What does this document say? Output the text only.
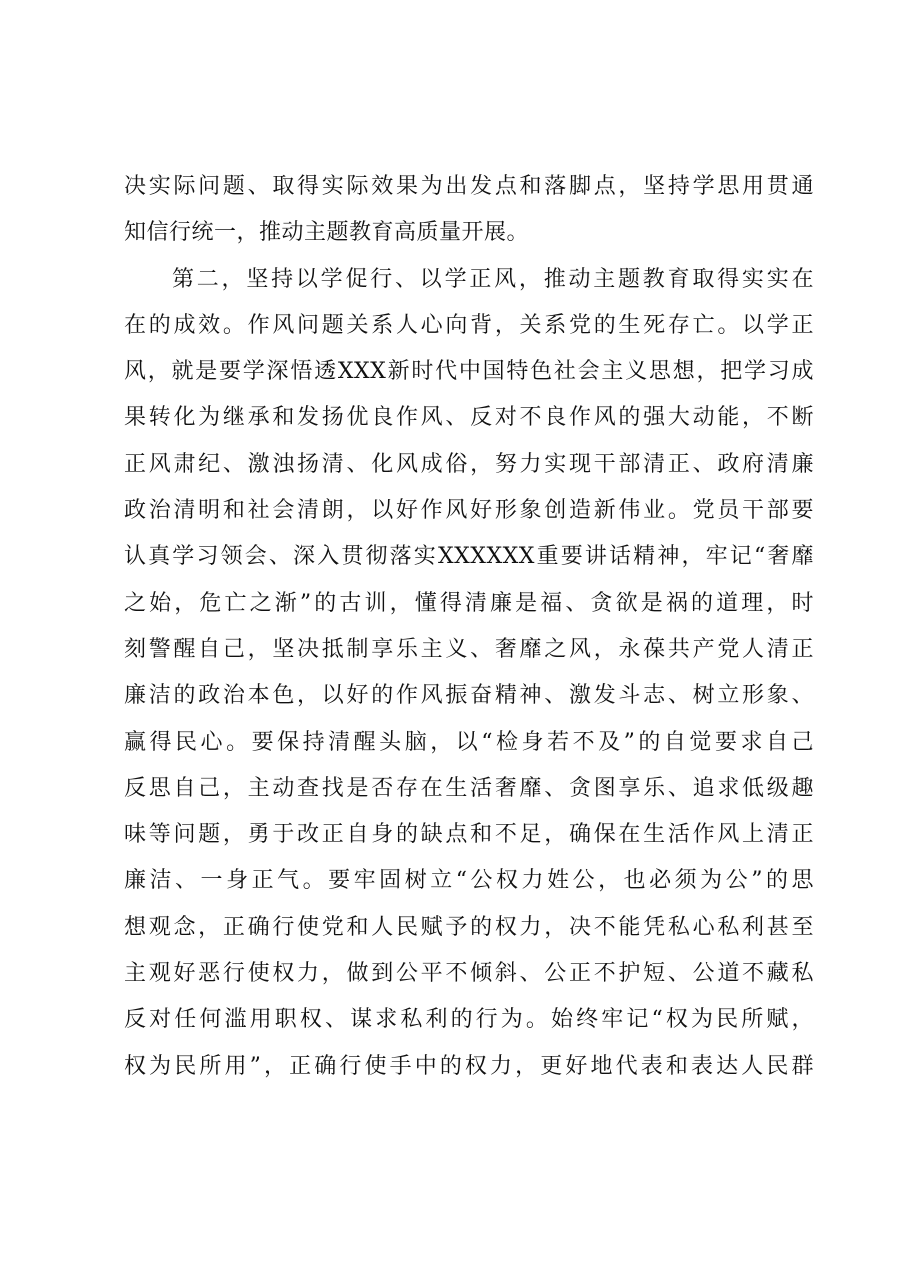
决实际问题、取得实际效果为出发点和落脚点，坚持学思用贯通
知信行统一，推动主题教育高质量开展。
第二，坚持以学促行、以学正风，推动主题教育取得实实在
在的成效。作风问题关系人心向背，关系党的生死存亡。以学正
风，就是要学深悟透XXX新时代中国特色社会主义思想，把学习成
果转化为继承和发扬优良作风、反对不良作风的强大动能，不断
正风肃纪、激浊扬清、化风成俗，努力实现干部清正、政府清廉
政治清明和社会清朗，以好作风好形象创造新伟业。党员干部要
认真学习领会、深入贯彻落实XXXXXX重要讲话精神，牢记“奢靡
之始，危亡之渐”的古训，懂得清廉是福、贪欲是祸的道理，时
刻警醒自己，坚决抵制享乐主义、奢靡之风，永葆共产党人清正
廉洁的政治本色，以好的作风振奋精神、激发斗志、树立形象、
赢得民心。要保持清醒头脑，以“检身若不及”的自觉要求自己
反思自己，主动查找是否存在生活奢靡、贪图享乐、追求低级趣
味等问题，勇于改正自身的缺点和不足，确保在生活作风上清正
廉洁、一身正气。要牢固树立“公权力姓公，也必须为公”的思
想观念，正确行使党和人民赋予的权力，决不能凭私心私利甚至
主观好恶行使权力，做到公平不倾斜、公正不护短、公道不藏私
反对任何滥用职权、谋求私利的行为。始终牢记“权为民所赋，
权为民所用”，正确行使手中的权力，更好地代表和表达人民群
